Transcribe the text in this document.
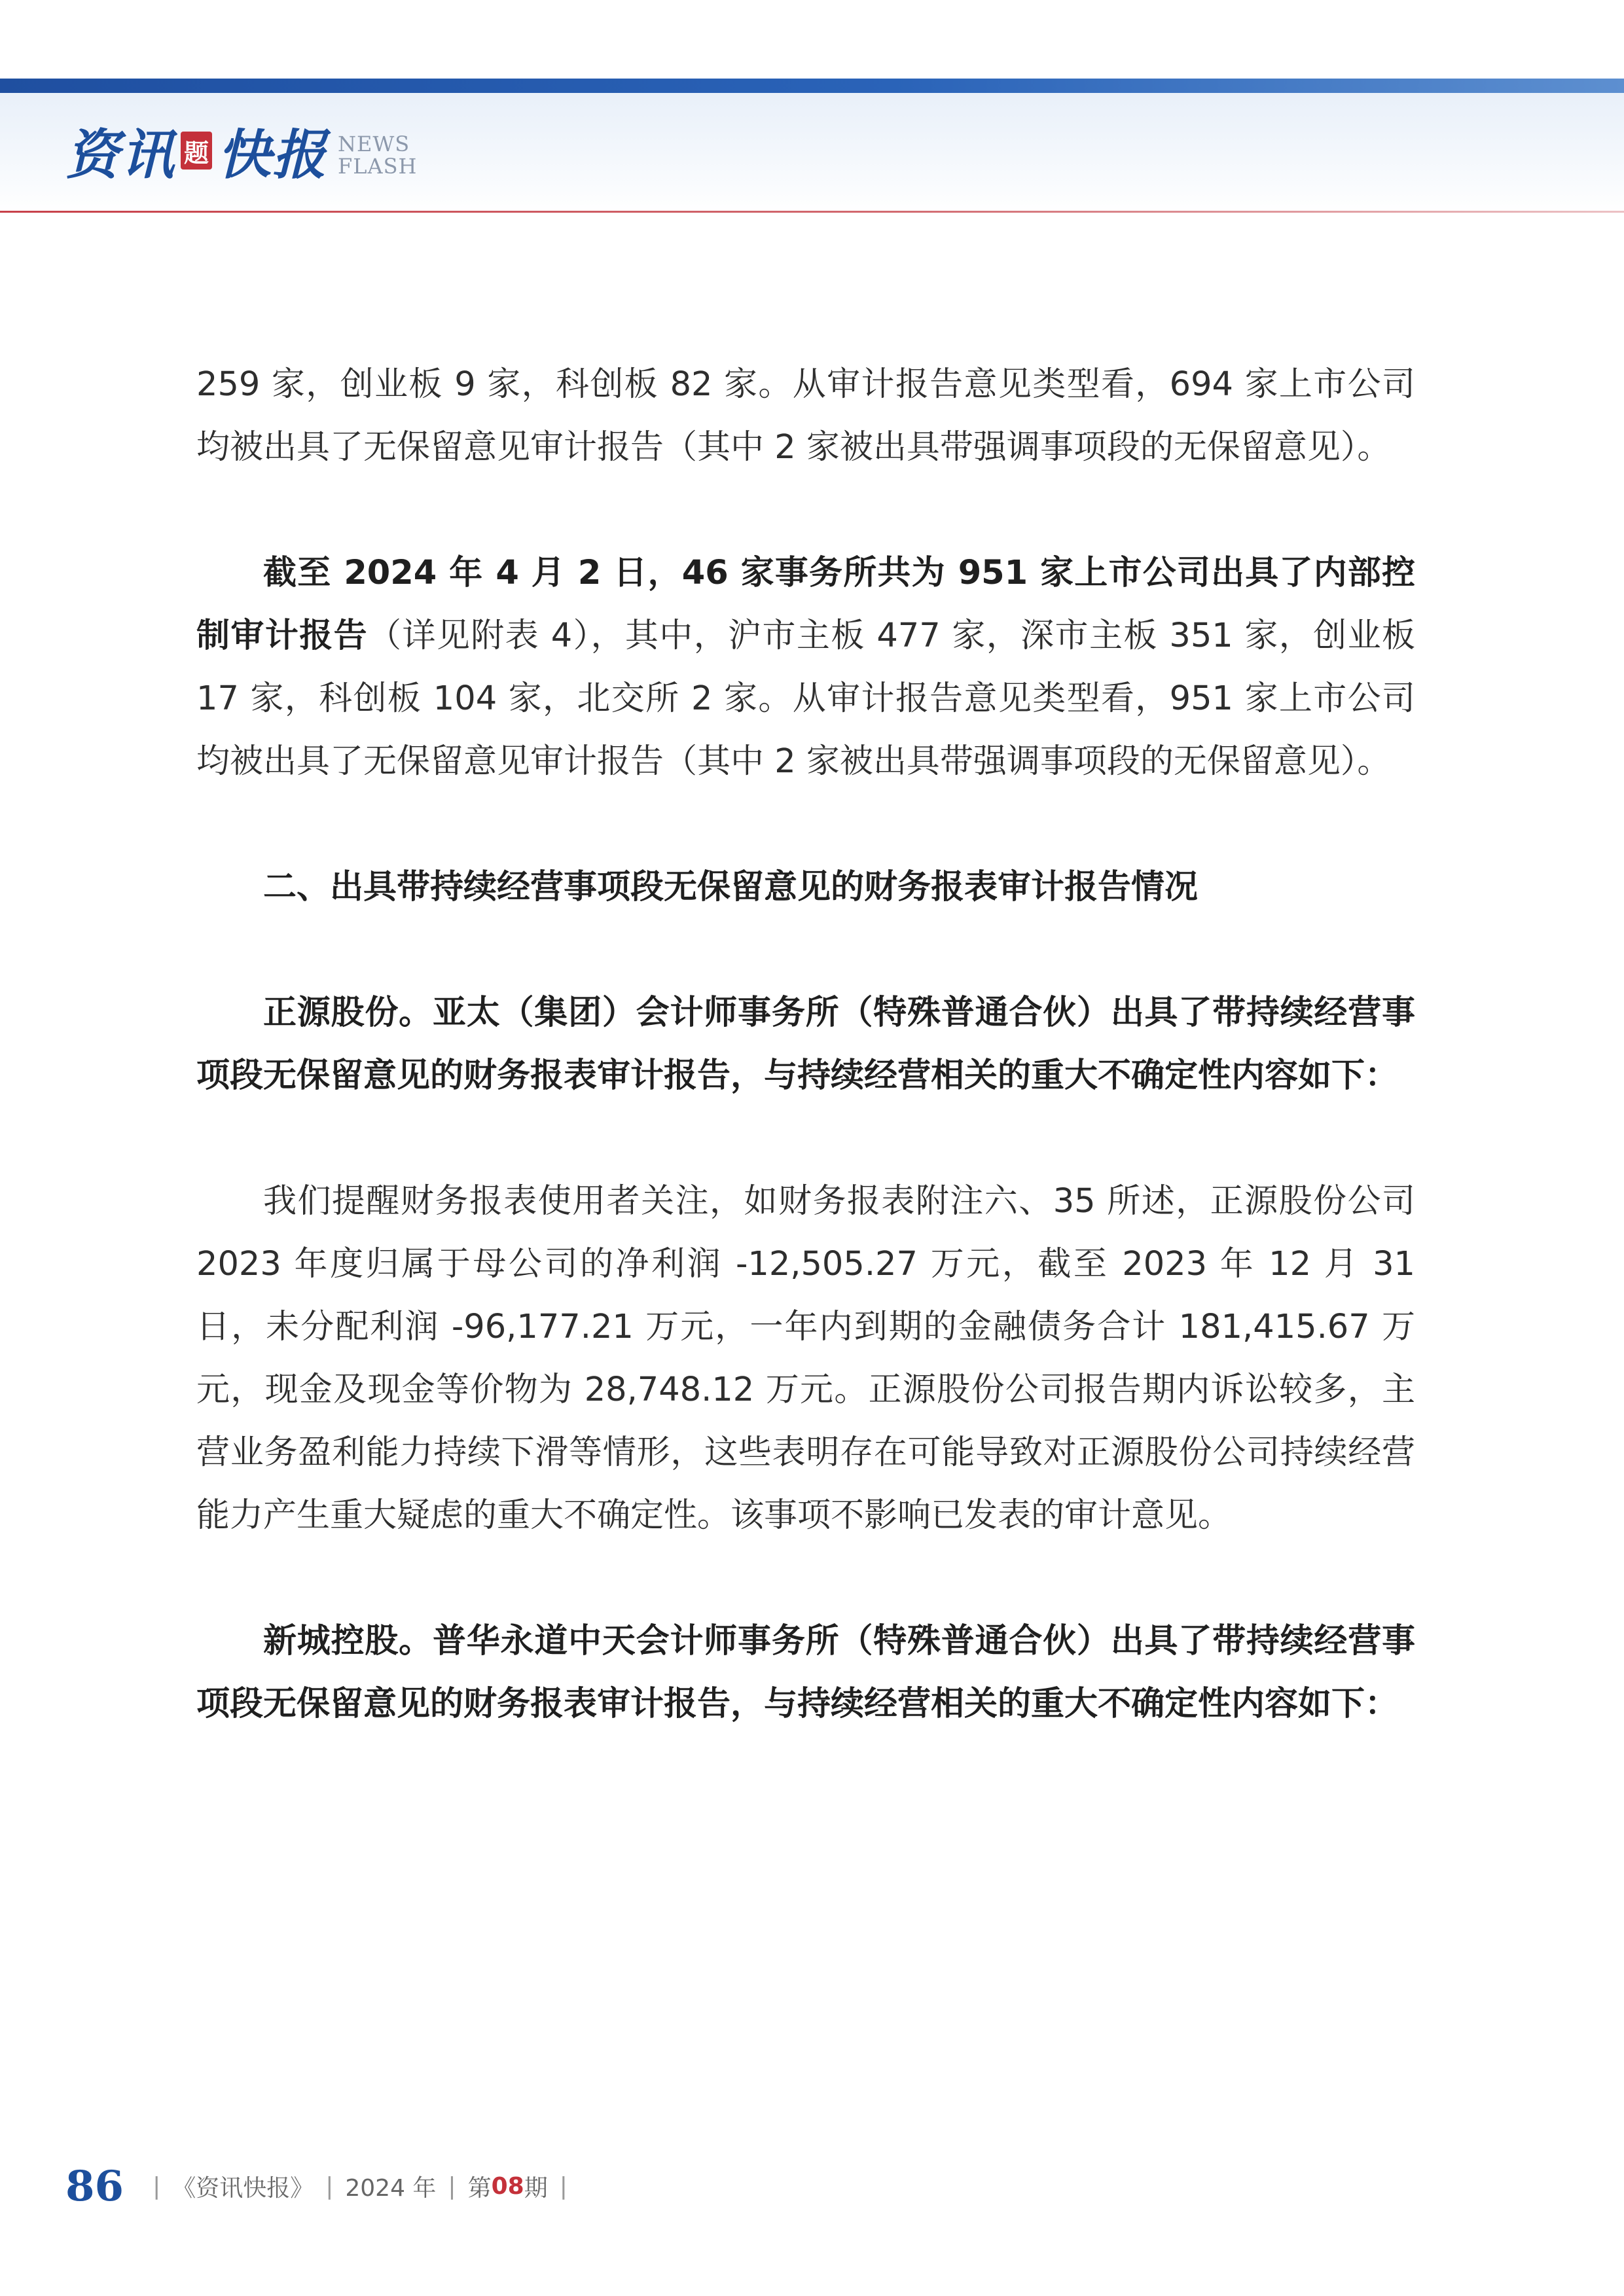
资讯 题 快报 NEWS
FLASH

259 家，创业板 9 家，科创板 82 家。从审计报告意见类型看，694 家上市公司均被出具了无保留意见审计报告（其中 2 家被出具带强调事项段的无保留意见）。

截至 2024 年 4 月 2 日，46 家事务所共为 951 家上市公司出具了内部控制审计报告（详见附表 4），其中，沪市主板 477 家，深市主板 351 家，创业板 17 家，科创板 104 家，北交所 2 家。从审计报告意见类型看，951 家上市公司均被出具了无保留意见审计报告（其中 2 家被出具带强调事项段的无保留意见）。

二、出具带持续经营事项段无保留意见的财务报表审计报告情况

正源股份。亚太（集团）会计师事务所（特殊普通合伙）出具了带持续经营事项段无保留意见的财务报表审计报告，与持续经营相关的重大不确定性内容如下：

我们提醒财务报表使用者关注，如财务报表附注六、35 所述，正源股份公司 2023 年度归属于母公司的净利润 -12,505.27 万元，截至 2023 年 12 月 31 日，未分配利润 -96,177.21 万元，一年内到期的金融债务合计 181,415.67 万元，现金及现金等价物为 28,748.12 万元。正源股份公司报告期内诉讼较多，主营业务盈利能力持续下滑等情形，这些表明存在可能导致对正源股份公司持续经营能力产生重大疑虑的重大不确定性。该事项不影响已发表的审计意见。

新城控股。普华永道中天会计师事务所（特殊普通合伙）出具了带持续经营事项段无保留意见的财务报表审计报告，与持续经营相关的重大不确定性内容如下：

86 | 《资讯快报》 | 2024 年 | 第 08 期 |
